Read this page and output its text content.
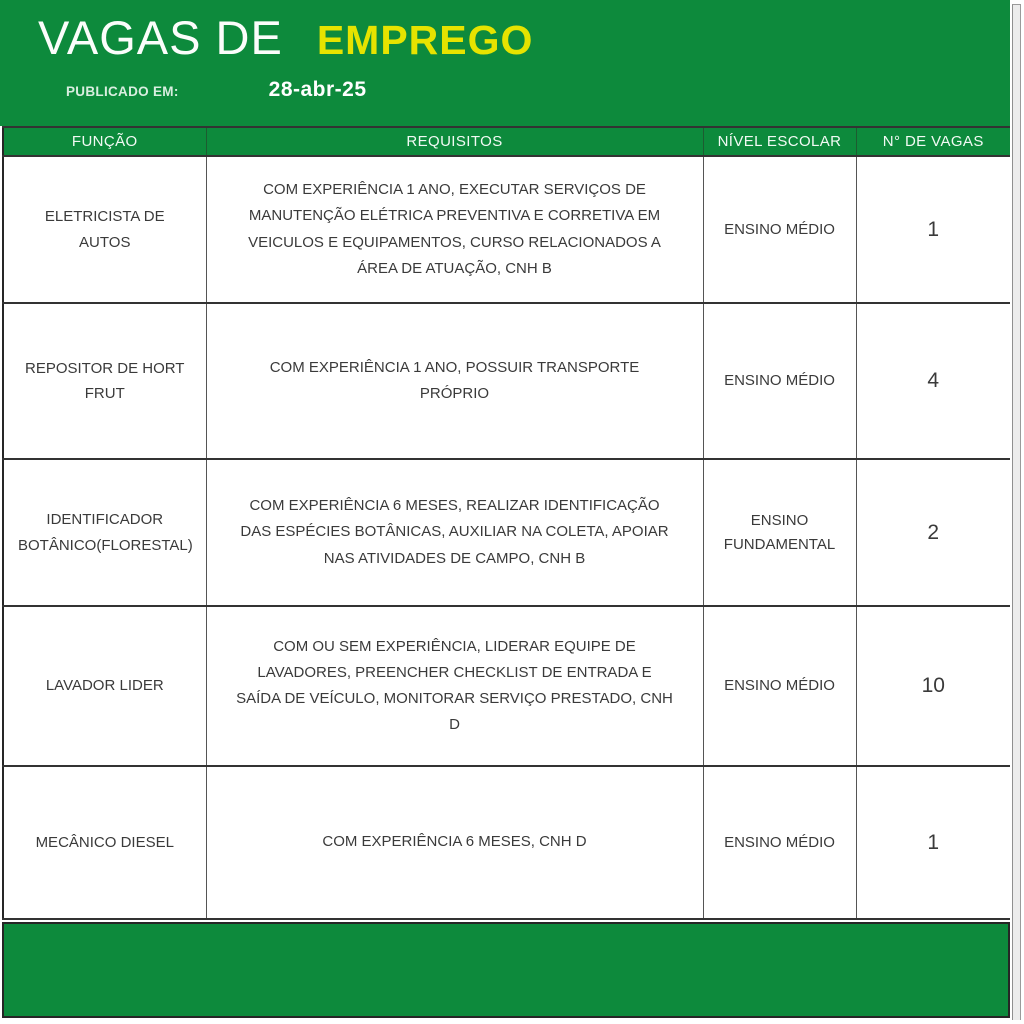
VAGAS DE EMPREGO
PUBLICADO EM:	28-abr-25
FUNÇÃO	REQUISITOS	NÍVEL ESCOLAR	N° DE VAGAS
ELETRICISTA DE AUTOS	COM EXPERIÊNCIA 1 ANO, EXECUTAR SERVIÇOS DE MANUTENÇÃO ELÉTRICA PREVENTIVA E CORRETIVA EM VEICULOS E EQUIPAMENTOS, CURSO RELACIONADOS A ÁREA DE ATUAÇÃO, CNH B	ENSINO MÉDIO	1
REPOSITOR DE HORT FRUT	COM EXPERIÊNCIA 1 ANO, POSSUIR TRANSPORTE PRÓPRIO	ENSINO MÉDIO	4
IDENTIFICADOR BOTÂNICO(FLORESTAL)	COM EXPERIÊNCIA 6 MESES, REALIZAR IDENTIFICAÇÃO DAS ESPÉCIES BOTÂNICAS, AUXILIAR NA COLETA, APOIAR NAS ATIVIDADES DE CAMPO, CNH B	ENSINO FUNDAMENTAL	2
LAVADOR LIDER	COM OU SEM EXPERIÊNCIA, LIDERAR EQUIPE DE LAVADORES, PREENCHER CHECKLIST DE ENTRADA E SAÍDA DE VEÍCULO, MONITORAR SERVIÇO PRESTADO, CNH D	ENSINO MÉDIO	10
MECÂNICO DIESEL	COM EXPERIÊNCIA 6 MESES, CNH D	ENSINO MÉDIO	1
